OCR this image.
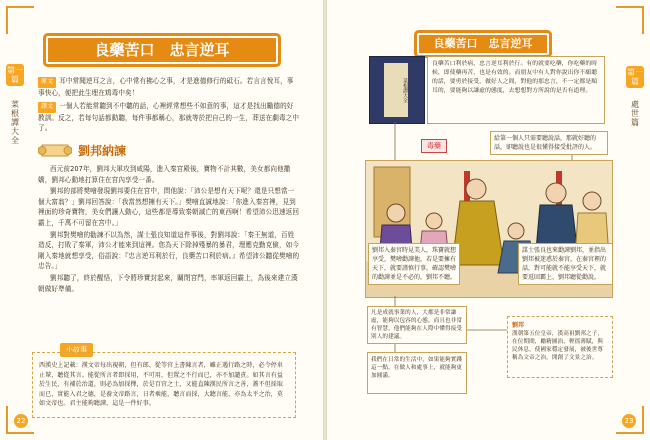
第一篇
菜根譚大全
良藥苦口　忠言逆耳
原文 耳中常聞逆耳之言，心中常有拂心之事，才是進德修行的砥石。若言言悅耳，事事快心，便把此生埋在鴆毒中矣！
譯文 一個人若能常聽到不中聽的話，心裡經常想些不如意的事，這才是找出勵德的好教訓。反之，若每句話都動聽，每件事都稱心，那就等於把自己的一生，葬送在劇毒之中了。
劉邦納諫

西元前207年，劉邦大軍攻到咸陽，進入秦宮殿後，寶物不計其數，美女都向他撒嬌，劉邦心動地打算住在宮內享受一番。

劉邦的部將樊噲發現劉邦要住在宮中，問他說：「沛公是想有天下呢？還是只想當一個大富翁？」劉邦回答說：「我當然想擁有天下。」樊噲直誠地說：「你進入秦宮裡，見到裡面的珍奇寶物，美女們讓人動心，這些都是導致秦朝滅亡的東西啊！希望沛公迅速返回霸上，千萬不可留在宮中。」

劉邦對樊噲的勸諫不以為然，謀士張良知道這件事後，對劉邦說：「秦王無道，百姓造反，打敗了秦軍，沛公才能來到這裡。您為天下除掉殘暴的暴君，理應克勤克儉，如今剛入秦地就想享受，俗語說：『忠言逆耳利於行，良藥苦口利於病。』希望沛公聽從樊噲的忠告。」

劉邦聽了，終於醒悟，下令將珍寶封起來，關閉宮門，率軍返回霸上，為後來建立漢朝做好準備。

小故事
西漢史上記載：漢文帝每出視朝，但有郎、從等官上書陳言者，雖正遇行路之時，必令停車止輦，聽從其言。能從所言者即採用，不可用，但置之不行而已，亦不加譴責。如其言有益於生民，有補於治道，則必為加採擇，於是百官之士，又能直陳漢民所言之善，蓋不但採取而已，實能入君之德，是養文帝路言，日者乘能，聽言而採，大聽言能，亦為太平之治，莫如文帝也。君主能夠聽諫，這是一件好事。
22
良藥苦口　忠言逆耳
第一篇
處世篇
菜根譚大全
良藥苦口利於病，忠言逆耳利於行。有的就要吃藥，你吃藥的時候，即使藥再苦，也是有效的。而朋友中有人對你說出你不願聽的話，要勇於接受，做好人之間，對他的那忠言，不一定都是順耳的，要能夠以謙虛的態度，去想想對方所說的是否有道理。
毒藥
給第一個人只需要聽說話，那就好聽的話，卻聽說也是很懂得接受批評的人。
劉邦入秦宮時見美人，珠寶就想享受，樊噲勸諫他，若是要擁有天下，就要謹慎行事，確認樊噲的勸諫並是不必的，劉邦不聽。
謀士張良也來勸諫劉邦，並指出劉邦被迷惑於秦宮，在秦宮裡的話，對可能就不能享受天下，就要返回霸上，劉邦聽從勸說。
凡是成就事業的人，大都是非常謙虛，能夠以包容的心態，而且也非常有智慧，他們能夠在人際中懂得接受別人的建議。
我們在日常的生活中，如果能夠實踐這一點，在做人和處事上，就能夠更加圓滿。
劉邦
漢朝第五位皇帝，漢高祖劉邦之子，在位期間，勵精圖治，輕徭薄賦，與民休息，使國家穩定發展，被後世尊稱為文帝之治，開創了文景之治。
23
